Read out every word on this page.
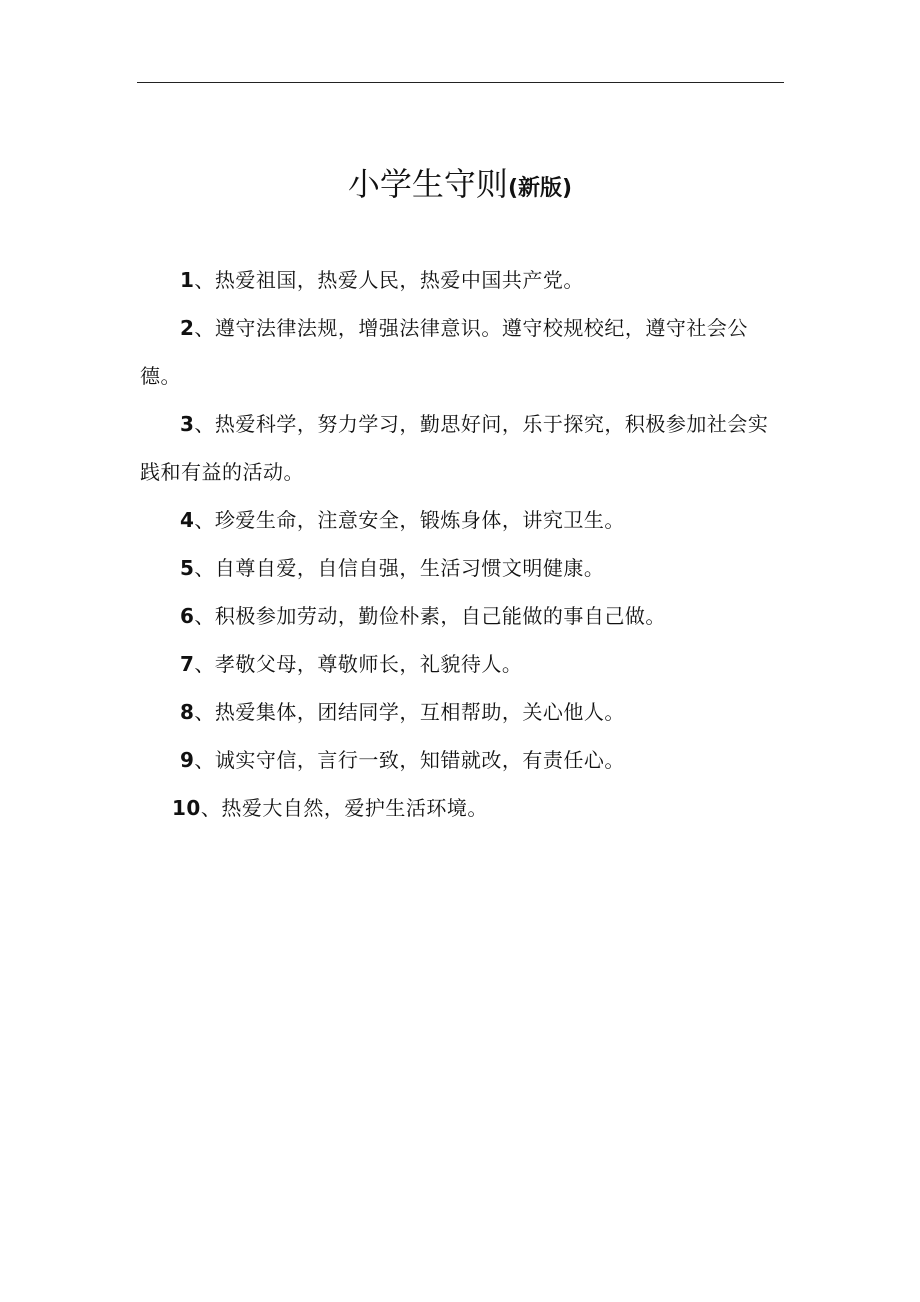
小学生守则(新版)
1、热爱祖国，热爱人民，热爱中国共产党。
2、遵守法律法规，增强法律意识。遵守校规校纪，遵守社会公德。
3、热爱科学，努力学习，勤思好问，乐于探究，积极参加社会实践和有益的活动。
4、珍爱生命，注意安全，锻炼身体，讲究卫生。
5、自尊自爱，自信自强，生活习惯文明健康。
6、积极参加劳动，勤俭朴素，自己能做的事自己做。
7、孝敬父母，尊敬师长，礼貌待人。
8、热爱集体，团结同学，互相帮助，关心他人。
9、诚实守信，言行一致，知错就改，有责任心。
10、热爱大自然，爱护生活环境。
